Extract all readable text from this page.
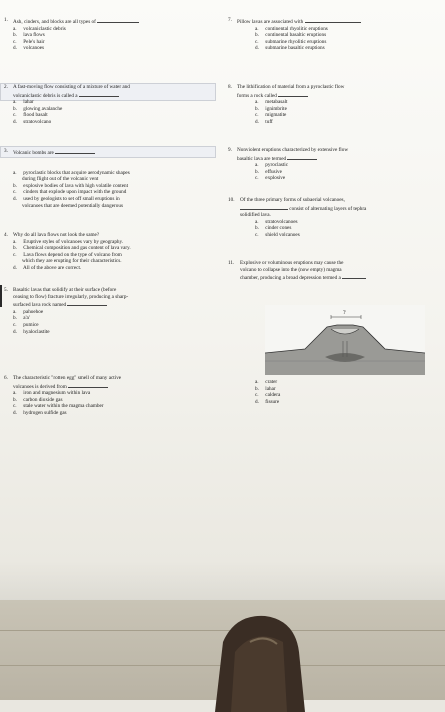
1. Ash, cinders, and blocks are all types of
a. volcaniclastic debris
b. lava flows
c. Pele's hair
d. volcanoes
2. A fast-moving flow consisting of a mixture of water and
volcaniclastic debris is called a
a. lahar
b. glowing avalanche
c. flood basalt
d. stratovolcano
3. Volcanic bombs are
a. pyroclastic blocks that acquire aerodynamic shapes
during flight out of the volcanic vent
b. explosive bodies of lava with high volatile content
c. cinders that explode upon impact with the ground
d. used by geologists to set off small eruptions in
volcanoes that are deemed potentially dangerous
4. Why do all lava flows not look the same?
a. Eruptive styles of volcanoes vary by geography.
b. Chemical composition and gas content of lava vary.
c. Lava flows depend on the type of volcano from
which they are erupting for their characteristics.
d. All of the above are correct.
5. Basaltic lavas that solidify at their surface (before
ceasing to flow) fracture irregularly, producing a sharp-
surfaced lava rock named
a. pahoehoe
b. a'a'
c. pumice
d. hyaloclastite
6. The characteristic "rotten egg" smell of many active
volcanoes is derived from
a. iron and magnesium within lava
b. carbon dioxide gas
c. stale water within the magma chamber
d. hydrogen sulfide gas
7. Pillow lavas are associated with
a. continental rhyolitic eruptions
b. continental basaltic eruptions
c. submarine rhyolitic eruptions
d. submarine basaltic eruptions
8. The lithification of material from a pyroclastic flow
forms a rock called
a. metabasalt
b. ignimbrite
c. migmatite
d. tuff
9. Nonviolent eruptions characterized by extensive flow
basaltic lava are termed
a. pyroclastic
b. effusive
c. explosive
10. Of the three primary forms of subaerial volcanoes,
consist of alternating layers of tephra
solidified lava.
a. stratovolcanoes
b. cinder cones
c. shield volcanoes
11. Explosive or voluminous eruptions may cause the
volcano to collapse into the (now empty) magma
chamber, producing a broad depression termed a
a. crater
b. lahar
c. caldera
d. fissure
?
